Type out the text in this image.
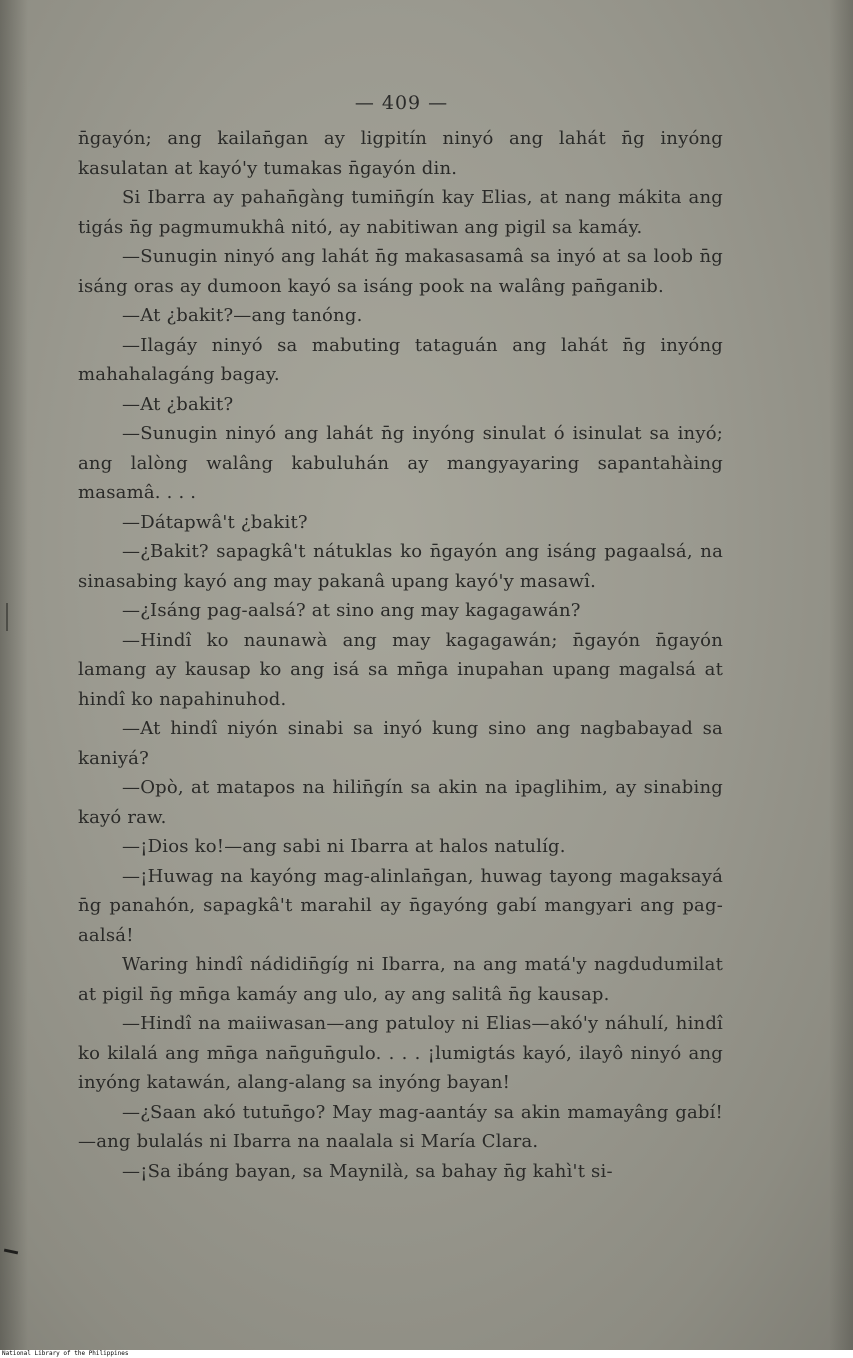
— 409 —

n̄gayón; ang kailan̄gan ay ligpitín ninyó ang lahát n̄g inyóng kasulatan at kayó'y tumakas n̄gayón din.

Si Ibarra ay pahan̄gàng tumin̄gín kay Elias, at nang mákita ang tigás n̄g pagmumukhâ nitó, ay nabitiwan ang pigil sa kamáy.

—Sunugin ninyó ang lahát n̄g makasasamâ sa inyó at sa loob n̄g isáng oras ay dumoon kayó sa isáng pook na walâng pan̄ganib.

—At ¿bakit?—ang tanóng.

—Ilagáy ninyó sa mabuting tataguán ang lahát n̄g inyóng mahahalagáng bagay.

—At ¿bakit?

—Sunugin ninyó ang lahát n̄g inyóng sinulat ó isinulat sa inyó; ang lalòng walâng kabuluhán ay mangyayaring sapantahàing masamâ. . . .

—Dátapwâ't ¿bakit?

—¿Bakit? sapagkâ't nátuklas ko n̄gayón ang isáng pagaalsá, na sinasabing kayó ang may pakanâ upang kayó'y masawî.

—¿Isáng pag-aalsá? at sino ang may kagagawán?

—Hindî ko naunawà ang may kagagawán; n̄gayón n̄gayón lamang ay kausap ko ang isá sa mn̄ga inupahan upang magalsá at hindî ko napahinuhod.

—At hindî niyón sinabi sa inyó kung sino ang nagbabayad sa kaniyá?

—Opò, at matapos na hilin̄gín sa akin na ipaglihim, ay sinabing kayó raw.

—¡Dios ko!—ang sabi ni Ibarra at halos natulíg.

—¡Huwag na kayóng mag-alinlan̄gan, huwag tayong magaksayá n̄g panahón, sapagkâ't marahil ay n̄gayóng gabí mangyari ang pag-aalsá!

Waring hindî nádidin̄gíg ni Ibarra, na ang matá'y nagdudumilat at pigil n̄g mn̄ga kamáy ang ulo, ay ang salitâ n̄g kausap.

—Hindî na maiiwasan—ang patuloy ni Elias—akó'y náhulí, hindî ko kilalá ang mn̄ga nan̄gun̄gulo. . . . ¡lumigtás kayó, ilayô ninyó ang inyóng katawán, alang-alang sa inyóng bayan!

—¿Saan akó tutun̄go? May mag-aantáy sa akin mamayâng gabí!—ang bulalás ni Ibarra na naalala si María Clara.

—¡Sa ibáng bayan, sa Maynilà, sa bahay n̄g kahì't si-

National Library of the Philippines
